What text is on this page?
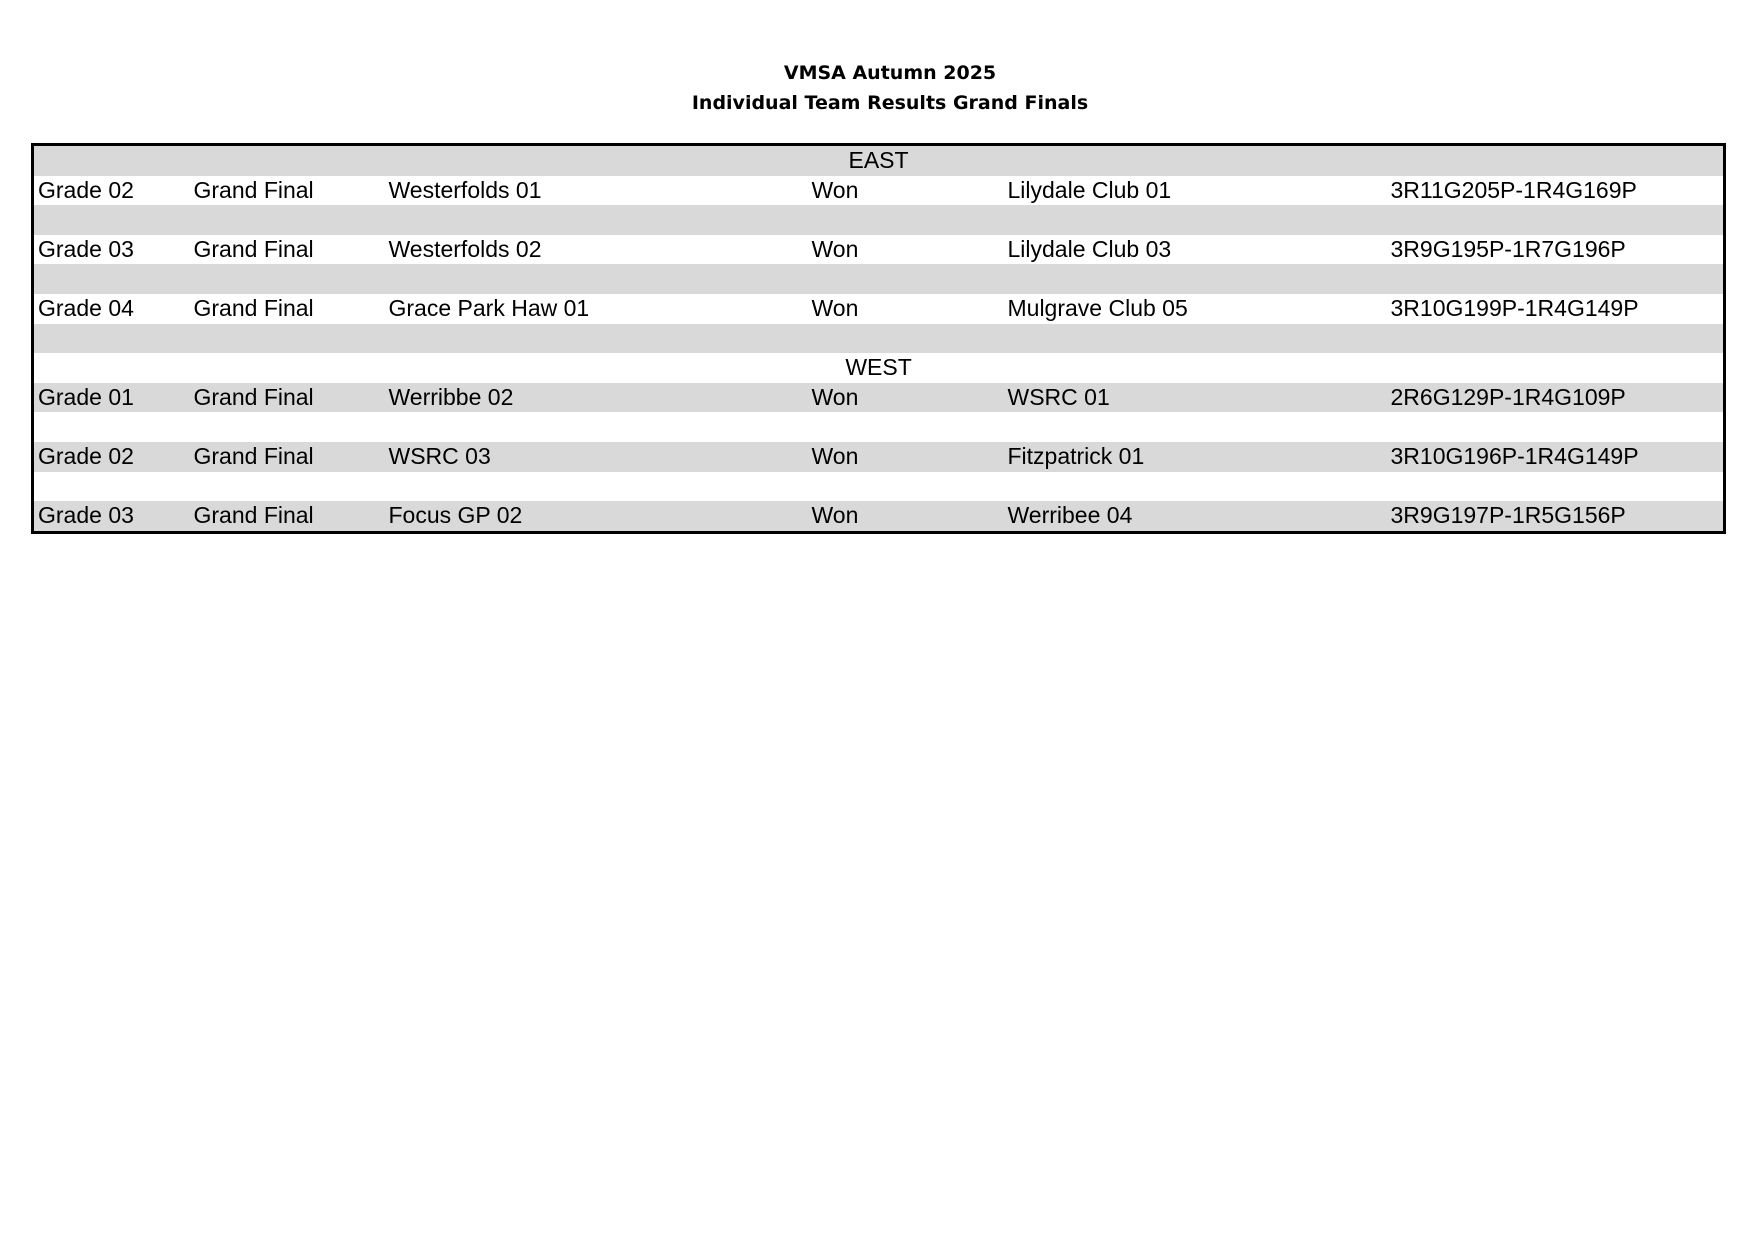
VMSA Autumn 2025
Individual Team Results Grand Finals
EAST					
Grade 02	Grand Final	Westerfolds 01	Won	Lilydale Club 01	3R11G205P-1R4G169P

Grade 03	Grand Final	Westerfolds 02	Won	Lilydale Club 03	3R9G195P-1R7G196P

Grade 04	Grand Final	Grace Park Haw 01	Won	Mulgrave Club 05	3R10G199P-1R4G149P

WEST					
Grade 01	Grand Final	Werribbe 02	Won	WSRC 01	2R6G129P-1R4G109P

Grade 02	Grand Final	WSRC 03	Won	Fitzpatrick 01	3R10G196P-1R4G149P

Grade 03	Grand Final	Focus GP 02	Won	Werribee 04	3R9G197P-1R5G156P
